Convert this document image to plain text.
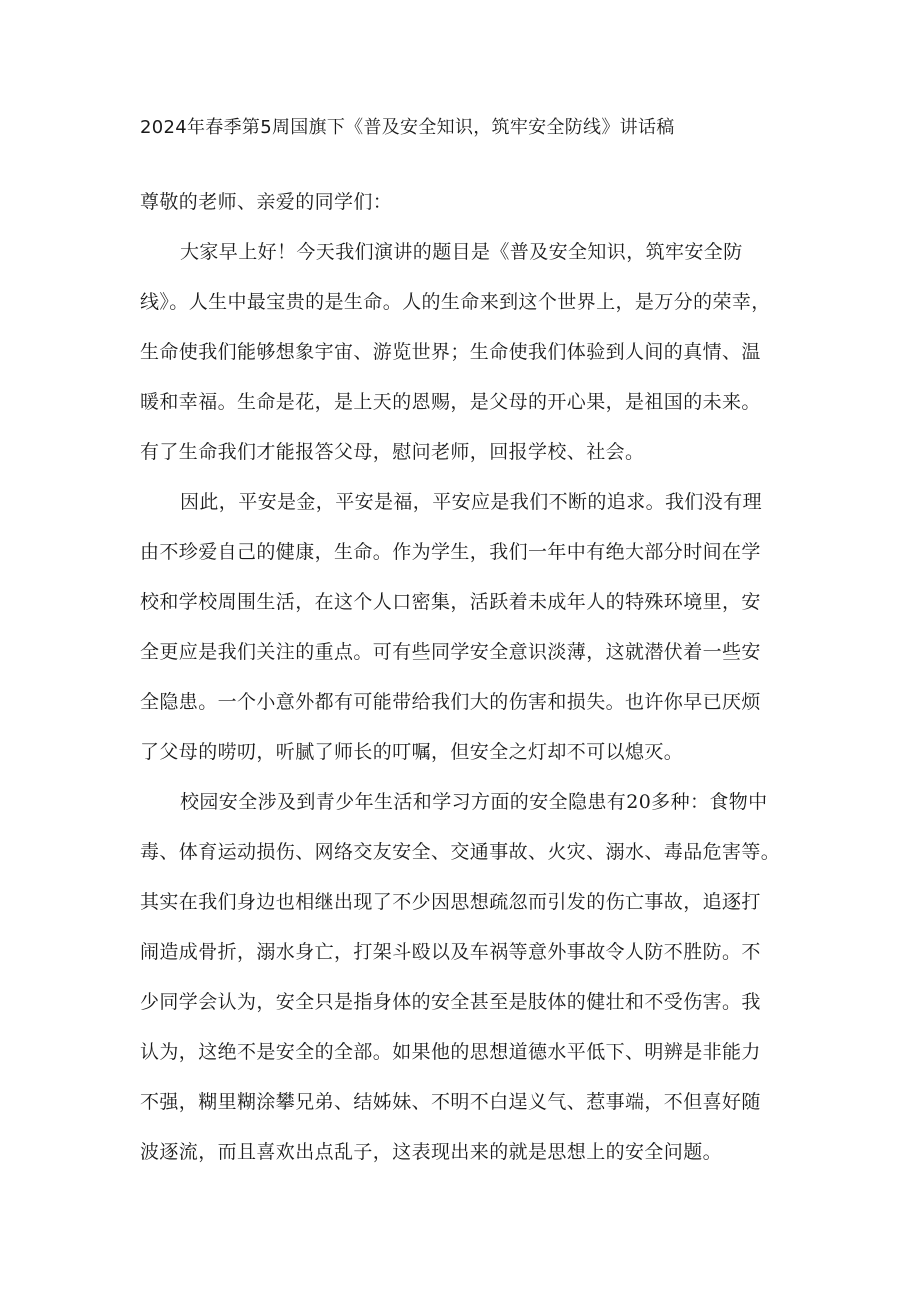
2024年春季第5周国旗下《普及安全知识，筑牢安全防线》讲话稿

尊敬的老师、亲爱的同学们：

大家早上好！今天我们演讲的题目是《普及安全知识，筑牢安全防

线》。人生中最宝贵的是生命。人的生命来到这个世界上，是万分的荣幸，

生命使我们能够想象宇宙、游览世界；生命使我们体验到人间的真情、温

暖和幸福。生命是花，是上天的恩赐，是父母的开心果，是祖国的未来。

有了生命我们才能报答父母，慰问老师，回报学校、社会。

因此，平安是金，平安是福，平安应是我们不断的追求。我们没有理

由不珍爱自己的健康，生命。作为学生，我们一年中有绝大部分时间在学

校和学校周围生活，在这个人口密集，活跃着未成年人的特殊环境里，安

全更应是我们关注的重点。可有些同学安全意识淡薄，这就潜伏着一些安

全隐患。一个小意外都有可能带给我们大的伤害和损失。也许你早已厌烦

了父母的唠叨，听腻了师长的叮嘱，但安全之灯却不可以熄灭。

校园安全涉及到青少年生活和学习方面的安全隐患有20多种：食物中

毒、体育运动损伤、网络交友安全、交通事故、火灾、溺水、毒品危害等。

其实在我们身边也相继出现了不少因思想疏忽而引发的伤亡事故，追逐打

闹造成骨折，溺水身亡，打架斗殴以及车祸等意外事故令人防不胜防。不

少同学会认为，安全只是指身体的安全甚至是肢体的健壮和不受伤害。我

认为，这绝不是安全的全部。如果他的思想道德水平低下、明辨是非能力

不强，糊里糊涂攀兄弟、结姊妹、不明不白逞义气、惹事端，不但喜好随

波逐流，而且喜欢出点乱子，这表现出来的就是思想上的安全问题。
